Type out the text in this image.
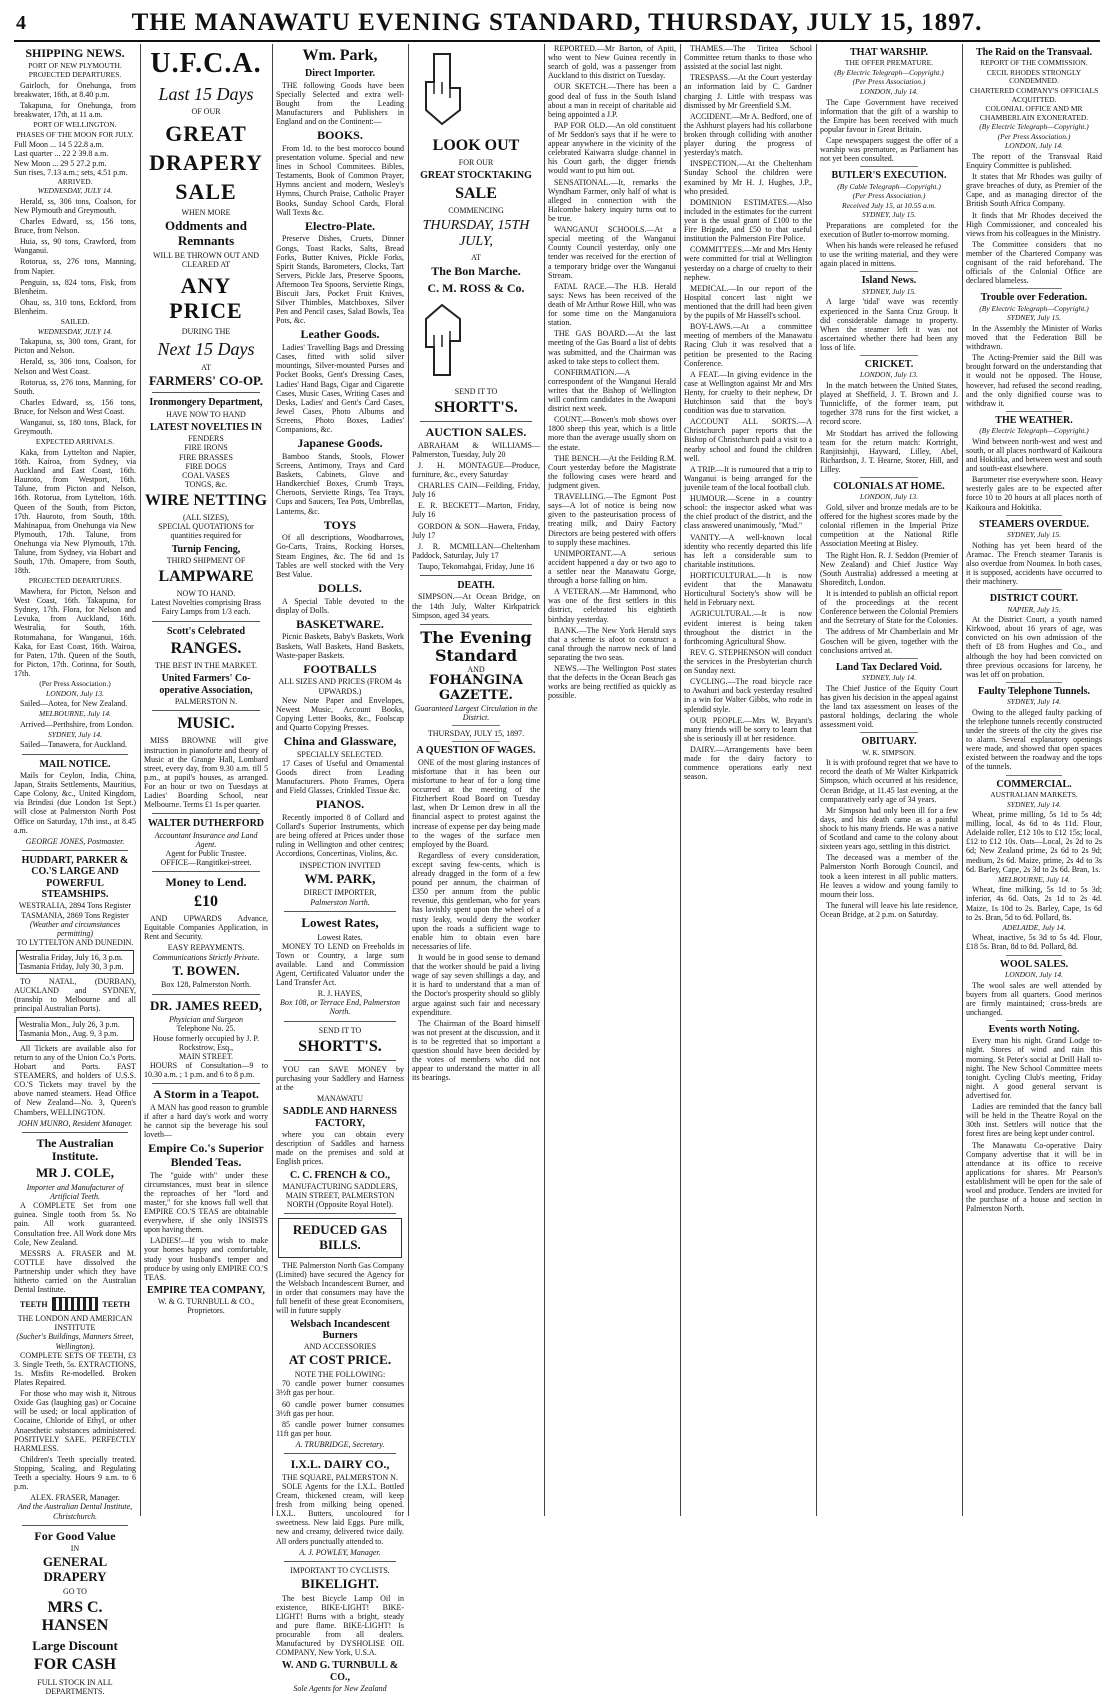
4	THE MANAWATU EVENING STANDARD, THURSDAY, JULY 15, 1897.
SHIPPING NEWS.
PORT OF NEW PLYMOUTH.
PROJECTED DEPARTURES.

Gairloch, for Onehunga, from breakwater, 16th, at 8.40 p.m.

Takapuna, for Onehunga, from breakwater, 17th, at 11 a.m.

PORT OF WELLINGTON.
PHASES OF THE MOON FOR JULY.
Full Moon ... 14 5 22.8 a.m.
Last quarter ... 22 2 39.8 a.m.
New Moon ... 29 5 27.2 p.m.
Sun rises, 7.13 a.m.; sets, 4.51 p.m.
ARRIVED.
WEDNESDAY, JULY 14.

Herald, ss, 306 tons, Coalson, for New Plymouth and Greymouth.

Charles Edward, ss, 156 tons, Bruce, from Nelson.

Huia, ss, 90 tons, Crawford, from Wanganui.

Rotorua, ss, 276 tons, Manning, from Napier.

Penguin, ss, 824 tons, Fisk, from Blenheim.

Ohau, ss, 310 tons, Eckford, from Blenheim.

SAILED.
WEDNESDAY, JULY 14.

Takapuna, ss, 300 tons, Grant, for Picton and Nelson.

Herald, ss, 306 tons, Coalson, for Nelson and West Coast.

Rotorua, ss, 276 tons, Manning, for South.

Charles Edward, ss, 156 tons, Bruce, for Nelson and West Coast.

Wanganui, ss, 180 tons, Black, for Greymouth.

EXPECTED ARRIVALS.

Kaka, from Lyttelton and Napier, 16th. Kairoa, from Sydney, via Auckland and East Coast, 16th. Hauroto, from Westport, 16th. Talune, from Picton and Nelson, 16th. Rotorua, from Lyttelton, 16th. Queen of the South, from Picton, 17th. Hauroto, from South, 18th. Mahinapua, from Onehunga via New Plymouth, 17th. Talune, from Onehunga via New Plymouth, 17th. Talune, from Sydney, via Hobart and South, 17th. Omapere, from South, 18th.

PROJECTED DEPARTURES.

Mawhera, for Picton, Nelson and West Coast, 16th. Takapuna, for Sydney, 17th. Flora, for Nelson and Levuka, from Auckland, 16th. Westralia, for South, 16th. Rotomahana, for Wanganui, 16th. Kaka, for East Coast, 16th. Wairoa, for Paten, 17th. Queen of the South, for Picton, 17th. Corinna, for South, 17th.

(Per Press Association.)
LONDON, July 13.

Sailed—Aotea, for New Zealand.

MELBOURNE, July 14.

Arrived—Perthshire, from London.

SYDNEY, July 14.

Sailed—Tanawera, for Auckland.

MAIL NOTICE.

Mails for Ceylon, India, China, Japan, Straits Settlements, Mauritius, Cape Colony, &c., United Kingdom, via Brindisi (due London 1st Sept.) will close at Palmerston North Post Office on Saturday, 17th inst., at 8.45 a.m.

GEORGE JONES, Postmaster.
HUDDART, PARKER & CO.'S LARGE AND POWERFUL STEAMSHIPS.
WESTRALIA, 2894 Tons Register
TASMANIA, 2869 Tons Register
(Weather and circumstances permitting)
TO LYTTELTON AND DUNEDIN.
Westralia Friday, July 16, 3 p.m.
Tasmania Friday, July 30, 3 p.m.

TO NATAL, (DURBAN), AUCKLAND and SYDNEY, (tranship to Melbourne and all principal Australian Ports).

Westralia Mon., July 26, 3 p.m.
Tasmania Mon., Aug. 9, 3 p.m.

All Tickets are available also for return to any of the Union Co.'s Ports. Hobart and Ports. FAST STEAMERS, and holders of U.S.S. CO.'S Tickets may travel by the above named steamers. Head Office of New Zealand—No. 3, Queen's Chambers, WELLINGTON.

JOHN MUNRO, Resident Manager.
The Australian Institute.
MR J. COLE,
Importer and Manufacturer of Artificial Teeth.

A COMPLETE Set from one guinea. Single tooth from 5s. No pain. All work guaranteed. Consultation free. All Work done Mrs Cole, New Zealand.

MESSRS A. FRASER and M. COTTLE have dissolved the Partnership under which they have hitherto carried on the Australian Dental Institute.

TEETH	TEETH
THE LONDON AND AMERICAN INSTITUTE
(Sucher's Buildings, Manners Street, Wellington).

COMPLETE SETS OF TEETH, £3 3. Single Teeth, 5s. EXTRACTIONS, 1s. Misfits Re-modelled. Broken Plates Repaired.

For those who may wish it, Nitrous Oxide Gas (laughing gas) or Cocaine will be used; or local application of Cocaine, Chloride of Ethyl, or other Anaesthetic substances administered. POSITIVELY SAFE. PERFECTLY HARMLESS.

Children's Teeth specially treated. Stopping, Scaling, and Regulating Teeth a specialty. Hours 9 a.m. to 6 p.m.

ALEX. FRASER, Manager.
And the Australian Dental Institute, Christchurch.
For Good Value
IN
GENERAL DRAPERY
GO TO
MRS C. HANSEN
Large Discount
FOR CASH
FULL STOCK IN ALL DEPARTMENTS.
U.F.C.A.
Last 15 Days
OF OUR
GREAT
DRAPERY
SALE
WHEN MORE
Oddments and Remnants
WILL BE THROWN OUT AND CLEARED AT
ANY PRICE
DURING THE
Next 15 Days
AT
FARMERS' CO-OP.
Ironmongery Department,
HAVE NOW TO HAND
LATEST NOVELTIES IN
FENDERS
FIRE IRONS
FIRE BRASSES
FIRE DOGS
COAL VASES
TONGS, &c.
WIRE NETTING
(ALL SIZES),
SPECIAL QUOTATIONS for quantities required for
Turnip Fencing,
THIRD SHIPMENT OF
LAMPWARE
NOW TO HAND.
Latest Novelties comprising Brass Fairy Lamps from 1/3 each.
Scott's Celebrated
RANGES.
THE BEST IN THE MARKET.
United Farmers' Co-operative Association,
PALMERSTON N.
MUSIC.

MISS BROWNE will give instruction in pianoforte and theory of Music at the Grange Hall, Lombard street, every day, from 9.30 a.m. till 5 p.m., at pupil's houses, as arranged. For an hour or two on Tuesdays at Ladies' Boarding School, near Melbourne. Terms £1 1s per quarter.

WALTER DUTHERFORD
Accountant Insurance and Land Agent.
Agent for Public Trustee.
OFFICE—Rangitikei-street.
Money to Lend.
£10

AND UPWARDS Advance, Equitable Companies Application, in Rent and Security.

EASY REPAYMENTS.
Communications Strictly Private.
T. BOWEN.
Box 128, Palmerston North.
DR. JAMES REED,
Physician and Surgeon
Telephone No. 25.
House formerly occupied by J. P. Rockstrow, Esq.,
MAIN STREET.

HOURS of Consultation—9 to 10.30 a.m. ; 1 p.m. and 6 to 8 p.m.

A Storm in a Teapot.

A MAN has good reason to grumble if after a hard day's work and worry he cannot sip the beverage his soul loveth—

Empire Co.'s Superior Blended Teas.

The "guide with" under these circumstances, must bear in silence the reproaches of her "lord and master," for she knows full well that EMPIRE CO.'S TEAS are obtainable everywhere, if she only INSISTS upon having them.

LADIES!—If you wish to make your homes happy and comfortable, study your husband's temper and produce by using only EMPIRE CO.'S TEAS.

EMPIRE TEA COMPANY,
W. & G. TURNBULL & CO., Proprietors.
Wm. Park,
Direct Importer.

THE following Goods have been Specially Selected and extra well-Bought from the Leading Manufacturers and Publishers in England and on the Continent:—

BOOKS.

From 1d. to the best morocco bound presentation volume. Special and new lines in School Commitees. Bibles, Testaments, Book of Common Prayer, Hymns ancient and modern, Wesley's Hymns, Church Praise, Catholic Prayer Books, Sunday School Cards, Floral Wall Texts &c.

Electro-Plate.

Preserve Dishes, Cruets, Dinner Gongs, Toast Racks, Salts, Bread Forks, Butter Knives, Pickle Forks, Spirit Stands, Barometers, Clocks, Tart Servers, Pickle Jars, Preserve Spoons, Afternoon Tea Spoons, Serviette Rings, Biscuit Jars, Pocket Fruit Knives, Silver Thimbles, Matchboxes, Silver Pen and Pencil cases, Salad Bowls, Tea Pots, &c.

Leather Goods.

Ladies' Travelling Bags and Dressing Cases, fitted with solid silver mountings, Silver-mounted Purses and Pocket Books, Gent's Dressing Cases, Ladies' Hand Bags, Cigar and Cigarette Cases, Music Cases, Writing Cases and Desks, Ladies' and Gent's Card Cases, Jewel Cases, Photo Albums and Screens, Photo Boxes, Ladies' Companions, &c.

Japanese Goods.

Bamboo Stands, Stools, Flower Screens, Antimony, Trays and Card Baskets, Cabinets, Glove and Handkerchief Boxes, Crumb Trays, Cheroots, Serviette Rings, Tea Trays, Cups and Saucers, Tea Pots, Umbrellas, Lanterns, &c.

TOYS

Of all descriptions, Woodbarrows, Go-Carts, Trains, Rocking Horses, Steam Engines, &c. The 6d and 1s Tables are well stocked with the Very Best Value.

DOLLS.

A Special Table devoted to the display of Dolls.

BASKETWARE.

Picnic Baskets, Baby's Baskets, Work Baskets, Wall Baskets, Hand Baskets, Waste-paper Baskets.

FOOTBALLS
ALL SIZES AND PRICES (FROM 4s UPWARDS.)

New Note Paper and Envelopes, Newest Music, Account Books, Copying Letter Books, &c., Foolscap and Quarto Copying Presses.

China and Glassware,
SPECIALLY SELECTED.

17 Cases of Useful and Ornamental Goods direct from Leading Manufacturers. Photo Frames, Opera and Field Glasses, Crinkled Tissue &c.

PIANOS.

Recently imported 8 of Collard and Collard's Superior Instruments, which are being offered at Prices under those ruling in Wellington and other centres; Accordions, Concertinas, Violins, &c.

INSPECTION INVITED
WM. PARK,
DIRECT IMPORTER,
Palmerston North.
Lowest Rates,
Lowest Rates.

MONEY TO LEND on Freeholds in Town or Country, a large sum available. Land and Commission Agent, Certificated Valuator under the Land Transfer Act.

R. J. HAYES,
Box 108, or Terrace End, Palmerston North.
SEND IT TO
SHORTT'S.

YOU can SAVE MONEY by purchasing your Saddlery and Harness at the

MANAWATU
SADDLE AND HARNESS FACTORY,

where you can obtain every description of Saddles and harness made on the premises and sold at English prices.

C. C. FRENCH & CO.,
MANUFACTURING SADDLERS,
MAIN STREET, PALMERSTON NORTH (Opposite Royal Hotel).
REDUCED GAS BILLS.

THE Palmerston North Gas Company (Limited) have secured the Agency for the Welsbach Incandescent Burner, and in order that consumers may have the full benefit of these great Economisers, will in future supply

Welsbach Incandescent Burners
AND ACCESSORIES
AT COST PRICE.
NOTE THE FOLLOWING:

70 candle power burner consumes 3½ft gas per hour.

60 candle power burner consumes 3½ft gas per hour.

85 candle power burner consumes 11ft gas per hour.

A. TRUBRIDGE, Secretary.
I.X.L. DAIRY CO.,
THE SQUARE, PALMERSTON N.

SOLE Agents for the I.X.L. Bottled Cream, thickened cream, will keep fresh from milking being opened. I.X.L. Butters, uncoloured for sweetness. New laid Eggs. Pure milk, new and creamy, delivered twice daily. All orders punctually attended to.

A. J. POWLEY, Manager.
IMPORTANT TO CYCLISTS.
BIKELIGHT.

The best Bicycle Lamp Oil in existence, BIKE-LIGHT! BIKE-LIGHT! Burns with a bright, steady and pure flame. BIKE-LIGHT! Is procurable from all dealers. Manufactured by DYSHOLISE OIL COMPANY, New York, U.S.A.

W. AND G. TURNBULL & CO.,
Sole Agents for New Zealand
LOOK OUT
FOR OUR
GREAT STOCKTAKING
SALE
COMMENCING
THURSDAY, 15TH JULY,
AT
The Bon Marche.
C. M. ROSS & Co.
SEND IT TO
SHORTT'S.
AUCTION SALES.

ABRAHAM & WILLIAMS—Palmerston, Tuesday, July 20

J. H. MONTAGUE—Produce, furniture, &c., every Saturday

CHARLES CAIN—Feilding, Friday, July 16

E. R. BECKETT—Marton, Friday, July 16

GORDON & SON—Hawera, Friday, July 17

J. R. MCMILLAN—Cheltenham Paddock, Saturday, July 17

Taupo, Tekomahgai, Friday, June 16

DEATH.

SIMPSON.—At Ocean Bridge, on the 14th July, Walter Kirkpatrick Simpson, aged 34 years.

The Evening Standard
AND
FOHANGINA GAZETTE.
Guaranteed Largest Circulation in the District.
THURSDAY, JULY 15, 1897.
A QUESTION OF WAGES.

ONE of the most glaring instances of misfortune that it has been our misfortune to hear of for a long time occurred at the meeting of the Fitzherbert Road Board on Tuesday last, when Dr Lemon drew in all the financial aspect to protest against the increase of expense per day being made to the wages of the surface men employed by the Board.

Regardless of every consideration, except saving few-cents, which is already dragged in the form of a few pound per annum, the chairman of £350 per annum from the public revenue, this gentleman, who for years has lavishly spent upon the wheel of a rusty leaky, would deny the worker upon the roads a sufficient wage to enable him to obtain even bare necessaries of life.

It would be in good sense to demand that the worker should be paid a living wage of say seven shillings a day, and it is hard to understand that a man of the Doctor's prosperity should so glibly argue against such fair and necessary expenditure.

The Chairman of the Board himself was not present at the discussion, and it is to be regretted that so important a question should have been decided by the votes of members who did not appear to understand the matter in all its bearings.

REPORTED.—Mr Barton, of Apiti, who went to New Guinea recently in search of gold, was a passenger from Auckland to this district on Tuesday.

OUR SKETCH.—There has been a good deal of fuss in the South Island about a man in receipt of charitable aid being appointed a J.P.

PAP FOR OLD.—An old constituent of Mr Seddon's says that if he were to appear anywhere in the vicinity of the celebrated Kaiwarra sludge channel in his Court garb, the digger friends would want to put him out.

SENSATIONAL.—It, remarks the Wyndham Farmer, only half of what is alleged in connection with the Halcombe bakery inquiry turns out to be true.

WANGANUI SCHOOLS.—At a special meeting of the Wanganui County Council yesterday, only one tender was received for the erection of a temporary bridge over the Wanganui Stream.

FATAL RACE.—The H.B. Herald says: News has been received of the death of Mr Arthur Rowe Hill, who was for some time on the Manganuiora station.

THE GAS BOARD.—At the last meeting of the Gas Board a list of debts was submitted, and the Chairman was asked to take steps to collect them.

CONFIRMATION.—A correspondent of the Wanganui Herald writes that the Bishop of Wellington will confirm candidates in the Awapuni district next week.

COUNT.—Bowen's mob shows over 1800 sheep this year, which is a little more than the average usually shorn on the estate.

THE BENCH.—At the Feilding R.M. Court yesterday before the Magistrate the following cases were heard and judgment given.

TRAVELLING.—The Egmont Post says—A lot of notice is being now given to the pasteurisation process of treating milk, and Dairy Factory Directors are being pestered with offers to supply these machines.

UNIMPORTANT.—A serious accident happened a day or two ago to a settler near the Manawatu Gorge, through a horse falling on him.

A VETERAN.—Mr Hammond, who was one of the first settlers in this district, celebrated his eightieth birthday yesterday.

BANK.—The New York Herald says that a scheme is afoot to construct a canal through the narrow neck of land separating the two seas.

NEWS.—The Wellington Post states that the defects in the Ocean Beach gas works are being rectified as quickly as possible.

THAMES.—The Tiritea School Committee return thanks to those who assisted at the social last night.

TRESPASS.—At the Court yesterday an information laid by C. Gardner charging J. Little with trespass was dismissed by Mr Greenfield S.M.

ACCIDENT.—Mr A. Bedford, one of the Ashhurst players had his collarbone broken through colliding with another player during the progress of yesterday's match.

INSPECTION.—At the Cheltenham Sunday School the children were examined by Mr H. J. Hughes, J.P., who presided.

DOMINION ESTIMATES.—Also included in the estimates for the current year is the usual grant of £100 to the Fire Brigade, and £50 to that useful institution the Palmerston Fire Police.

COMMITTEES.—Mr and Mrs Henty were committed for trial at Wellington yesterday on a charge of cruelty to their nephew.

MEDICAL.—In our report of the Hospital concert last night we mentioned that the drill had been given by the pupils of Mr Hassell's school.

BOY-LAWS.—At a committee meeting of members of the Manawatu Racing Club it was resolved that a petition be presented to the Racing Conference.

A FEAT.—In giving evidence in the case at Wellington against Mr and Mrs Henty, for cruelty to their nephew, Dr Hutchinson said that the boy's condition was due to starvation.

ACCOUNT ALL SORTS.—A Christchurch paper reports that the Bishop of Christchurch paid a visit to a nearby school and found the children well.

A TRIP.—It is rumoured that a trip to Wanganui is being arranged for the juvenile team of the local football club.

HUMOUR.—Scene in a country school: the inspector asked what was the chief product of the district, and the class answered unanimously, "Mud."

VANITY.—A well-known local identity who recently departed this life has left a considerable sum to charitable institutions.

HORTICULTURAL.—It is now evident that the Manawatu Horticultural Society's show will be held in February next.

AGRICULTURAL.—It is now evident interest is being taken throughout the district in the forthcoming Agricultural Show.

REV. G. STEPHENSON will conduct the services in the Presbyterian church on Sunday next.

CYCLING.—The road bicycle race to Awahuri and back yesterday resulted in a win for Walter Gibbs, who rode in splendid style.

OUR PEOPLE.—Mrs W. Bryant's many friends will be sorry to learn that she is seriously ill at her residence.

DAIRY.—Arrangements have been made for the dairy factory to commence operations early next season.

THAT WARSHIP.
THE OFFER PREMATURE.
(By Electric Telegraph—Copyright.)
(Per Press Association.)
LONDON, July 14.

The Cape Government have received information that the gift of a warship to the Empire has been received with much popular favour in Great Britain.

Cape newspapers suggest the offer of a warship was premature, as Parliament has not yet been consulted.

BUTLER'S EXECUTION.
(By Cable Telegraph—Copyright.)
(Per Press Association.)
Received July 15, at 10.55 a.m.
SYDNEY, July 15.

Preparations are completed for the execution of Butler to-morrow morning.

When his hands were released he refused to use the writing material, and they were again placed in mittens.

Island News.
SYDNEY, July 15.

A large 'tidal' wave was recently experienced in the Santa Cruz Group. It did considerable damage to property. When the steamer left it was not ascertained whether there had been any loss of life.

CRICKET.
LONDON, July 13.

In the match between the United States, played at Sheffield, J. T. Brown and J. Tunnicliffe, of the former team, put together 378 runs for the first wicket, a record score.

Mr Stoddart has arrived the following team for the return match: Kortright, Ranjitsinhji, Hayward, Lilley, Abel, Richardson, J. T. Hearne, Storer, Hill, and Lilley.

COLONIALS AT HOME.
LONDON, July 13.

Gold, silver and bronze medals are to be offered for the highest scores made by the colonial riflemen in the Imperial Prize competition at the National Rifle Association Meeting at Bisley.

The Right Hon. R. J. Seddon (Premier of New Zealand) and Chief Justice Way (South Australia) addressed a meeting at Shoreditch, London.

It is intended to publish an official report of the proceedings at the recent Conference between the Colonial Premiers and the Secretary of State for the Colonies.

The address of Mr Chamberlain and Mr Goschen will be given, together with the conclusions arrived at.

Land Tax Declared Void.
SYDNEY, July 14.

The Chief Justice of the Equity Court has given his decision in the appeal against the land tax assessment on leases of the pastoral holdings, declaring the whole assessment void.

OBITUARY.
W. K. SIMPSON.

It is with profound regret that we have to record the death of Mr Walter Kirkpatrick Simpson, which occurred at his residence, Ocean Bridge, at 11.45 last evening, at the comparatively early age of 34 years.

Mr Simpson had only been ill for a few days, and his death came as a painful shock to his many friends. He was a native of Scotland and came to the colony about sixteen years ago, settling in this district.

The deceased was a member of the Palmerston North Borough Council, and took a keen interest in all public matters. He leaves a widow and young family to mourn their loss.

The funeral will leave his late residence, Ocean Bridge, at 2 p.m. on Saturday.

The Raid on the Transvaal.
REPORT OF THE COMMISSION.
CECIL RHODES STRONGLY CONDEMNED.
CHARTERED COMPANY'S OFFICIALS ACQUITTED.
COLONIAL OFFICE AND MR CHAMBERLAIN EXONERATED.
(By Electric Telegraph—Copyright.)
(Per Press Association.)
LONDON, July 14.

The report of the Transvaal Raid Enquiry Committee is published.

It states that Mr Rhodes was guilty of grave breaches of duty, as Premier of the Cape, and as managing director of the British South Africa Company.

It finds that Mr Rhodes deceived the High Commissioner, and concealed his views from his colleagues in the Ministry.

The Committee considers that no member of the Chartered Company was cognisant of the raid beforehand. The officials of the Colonial Office are declared blameless.

Trouble over Federation.
(By Electric Telegraph—Copyright.)
SYDNEY, July 15.

In the Assembly the Minister of Works moved that the Federation Bill be withdrawn.

The Acting-Premier said the Bill was brought forward on the understanding that it would not be opposed. The House, however, had refused the second reading, and the only dignified course was to withdraw it.

THE WEATHER.
(By Electric Telegraph—Copyright.)

Wind between north-west and west and south, or all places northward of Kaikoura and Hokitika, and between west and south and south-east elsewhere.

Barometer rise everywhere soon. Heavy westerly gales are to be expected after force 10 to 20 hours at all places north of Kaikoura and Hokitika.

STEAMERS OVERDUE.
SYDNEY, July 15.

Nothing has yet been heard of the Aramac. The French steamer Taranis is also overdue from Noumea. In both cases, it is supposed, accidents have occurred to their machinery.

DISTRICT COURT.
NAPIER, July 15.

At the District Court, a youth named Kirkwood, about 16 years of age, was convicted on his own admission of the theft of £8 from Hughes and Co., and although the boy had been convicted on three previous occasions for larceny, he was let off on probation.

Faulty Telephone Tunnels.
SYDNEY, July 14.

Owing to the alleged faulty packing of the telephone tunnels recently constructed under the streets of the city the gives rise to alarm. Several explanatory openings were made, and showed that open spaces existed between the roadway and the tops of the tunnels.

COMMERCIAL.
AUSTRALIAN MARKETS.
SYDNEY, July 14.

Wheat, prime milling, 5s 1d to 5s 4d; milling, local, 4s 6d to 4s 11d. Flour, Adelaide roller, £12 10s to £12 15s; local, £12 to £12 10s. Oats—Local, 2s 2d to 2s 6d; New Zealand prime, 2s 6d to 2s 9d; medium, 2s 6d. Maize, prime, 2s 4d to 3s 6d. Barley, Cape, 2s 3d to 2s 6d. Bran, 1s.

MELBOURNE, July 14.

Wheat, fine milking, 5s 1d to 5s 3d; inferior, 4s 6d. Oats, 2s 1d to 2s 4d. Maize, 1s 10d to 2s. Barley, Cape, 1s 6d to 2s. Bran, 5d to 6d. Pollard, 8s.

ADELAIDE, July 14.

Wheat, inactive, 5s 3d to 5s 4d. Flour, £18 5s. Bran, 8d to 8d. Pollard, 8d.

WOOL SALES.
LONDON, July 14.

The wool sales are well attended by buyers from all quarters. Good merinos are firmly maintained; cross-breds are unchanged.

Events worth Noting.

Every man his night. Grand Lodge to-night. Stores of wind and rain this morning. St Peter's social at Drill Hall to-night. The New School Committee meets tonight. Cycling Club's meeting, Friday night. A good general servant is advertised for.

Ladies are reminded that the fancy ball will be held in the Theatre Royal on the 30th inst. Settlers will notice that the forest fires are being kept under control.

The Manawatu Co-operative Dairy Company advertise that it will be in attendance at its office to receive applications for shares. Mr Pearson's establishment will be open for the sale of wool and produce. Tenders are invited for the purchase of a house and section in Palmerston North.
